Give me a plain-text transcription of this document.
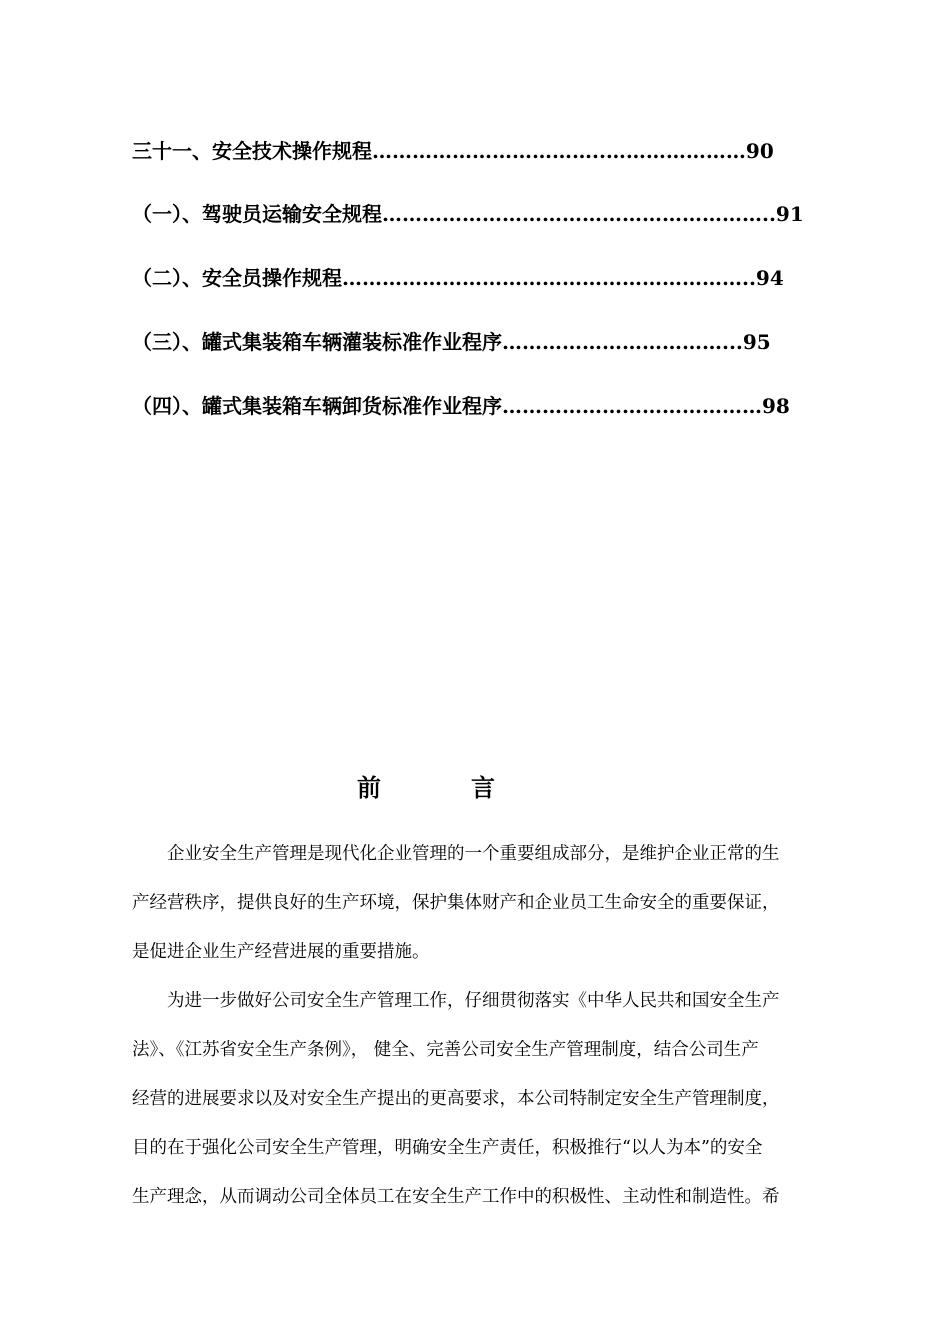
三十一、安全技术操作规程……………………………..…………………90
（一）、驾驶员运输安全规程…………………………………………………..91
（二）、安全员操作规程……………………………………………………..94
（三）、罐式集装箱车辆灌装标准作业程序……………………………...95
（四）、罐式集装箱车辆卸货标准作业程序…………………………………98
前言
　　企业安全生产管理是现代化企业管理的一个重要组成部分，是维护企业正常的生
产经营秩序，提供良好的生产环境，保护集体财产和企业员工生命安全的重要保证，
是促进企业生产经营进展的重要措施。
　　为进一步做好公司安全生产管理工作，仔细贯彻落实《中华人民共和国安全生产
法》、《江苏省安全生产条例》， 健全、完善公司安全生产管理制度，结合公司生产
经营的进展要求以及对安全生产提出的更高要求，本公司特制定安全生产管理制度，
目的在于强化公司安全生产管理，明确安全生产责任，积极推行“以人为本”的安全
生产理念，从而调动公司全体员工在安全生产工作中的积极性、主动性和制造性。希
